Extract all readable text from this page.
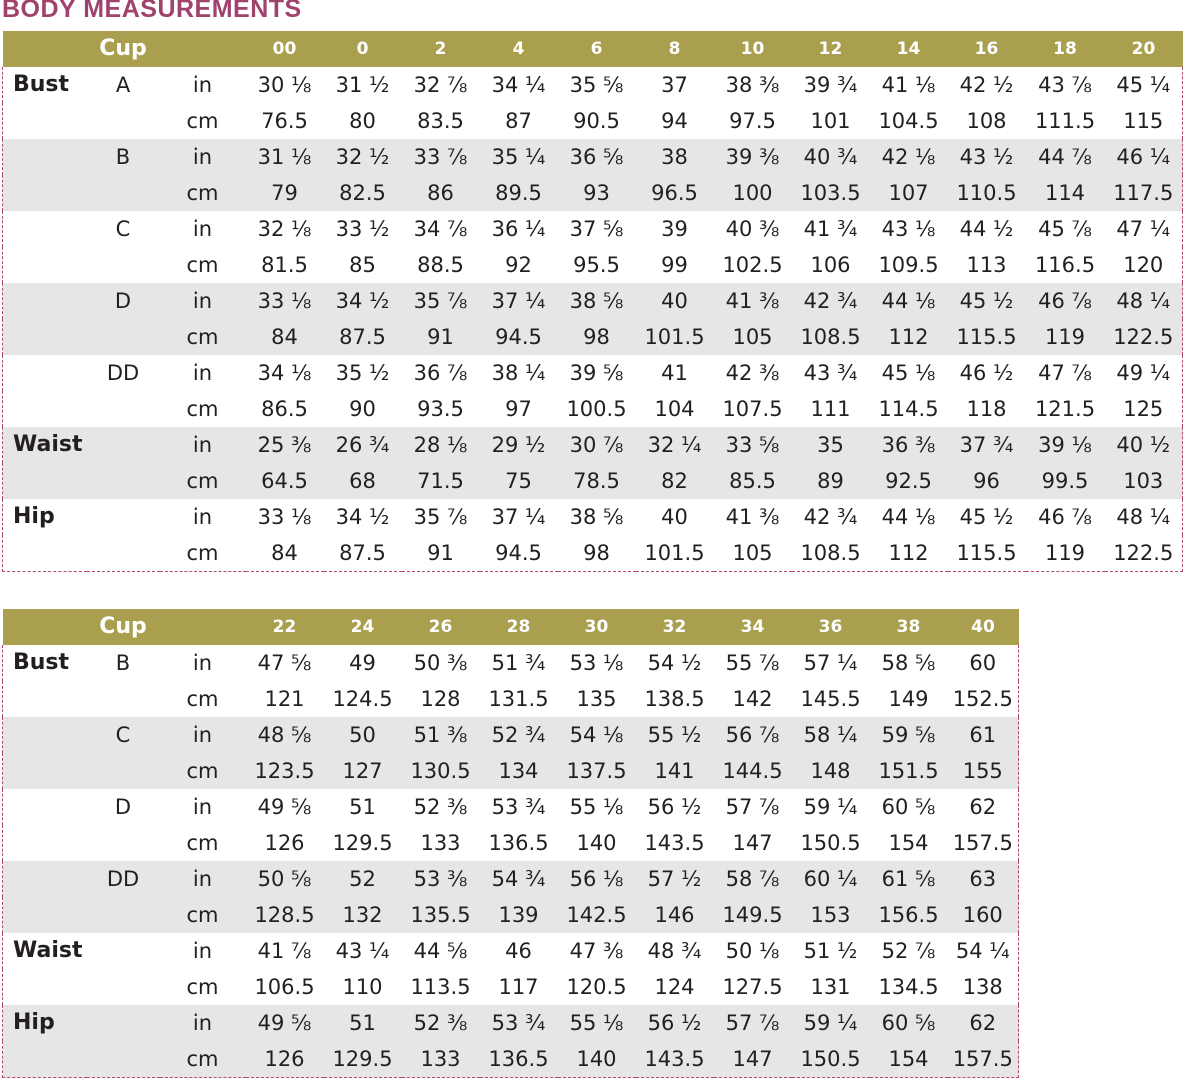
BODY MEASUREMENTS
	Cup		00	0	2	4	6	8	10	12	14	16	18	20
Bust	A	in	30 ⅛	31 ½	32 ⅞	34 ¼	35 ⅝	37	38 ⅜	39 ¾	41 ⅛	42 ½	43 ⅞	45 ¼
		cm	76.5	80	83.5	87	90.5	94	97.5	101	104.5	108	111.5	115
	B	in	31 ⅛	32 ½	33 ⅞	35 ¼	36 ⅝	38	39 ⅜	40 ¾	42 ⅛	43 ½	44 ⅞	46 ¼
		cm	79	82.5	86	89.5	93	96.5	100	103.5	107	110.5	114	117.5
	C	in	32 ⅛	33 ½	34 ⅞	36 ¼	37 ⅝	39	40 ⅜	41 ¾	43 ⅛	44 ½	45 ⅞	47 ¼
		cm	81.5	85	88.5	92	95.5	99	102.5	106	109.5	113	116.5	120
	D	in	33 ⅛	34 ½	35 ⅞	37 ¼	38 ⅝	40	41 ⅜	42 ¾	44 ⅛	45 ½	46 ⅞	48 ¼
		cm	84	87.5	91	94.5	98	101.5	105	108.5	112	115.5	119	122.5
	DD	in	34 ⅛	35 ½	36 ⅞	38 ¼	39 ⅝	41	42 ⅜	43 ¾	45 ⅛	46 ½	47 ⅞	49 ¼
		cm	86.5	90	93.5	97	100.5	104	107.5	111	114.5	118	121.5	125
Waist		in	25 ⅜	26 ¾	28 ⅛	29 ½	30 ⅞	32 ¼	33 ⅝	35	36 ⅜	37 ¾	39 ⅛	40 ½
		cm	64.5	68	71.5	75	78.5	82	85.5	89	92.5	96	99.5	103
Hip		in	33 ⅛	34 ½	35 ⅞	37 ¼	38 ⅝	40	41 ⅜	42 ¾	44 ⅛	45 ½	46 ⅞	48 ¼
		cm	84	87.5	91	94.5	98	101.5	105	108.5	112	115.5	119	122.5
	Cup		22	24	26	28	30	32	34	36	38	40
Bust	B	in	47 ⅝	49	50 ⅜	51 ¾	53 ⅛	54 ½	55 ⅞	57 ¼	58 ⅝	60
		cm	121	124.5	128	131.5	135	138.5	142	145.5	149	152.5
	C	in	48 ⅝	50	51 ⅜	52 ¾	54 ⅛	55 ½	56 ⅞	58 ¼	59 ⅝	61
		cm	123.5	127	130.5	134	137.5	141	144.5	148	151.5	155
	D	in	49 ⅝	51	52 ⅜	53 ¾	55 ⅛	56 ½	57 ⅞	59 ¼	60 ⅝	62
		cm	126	129.5	133	136.5	140	143.5	147	150.5	154	157.5
	DD	in	50 ⅝	52	53 ⅜	54 ¾	56 ⅛	57 ½	58 ⅞	60 ¼	61 ⅝	63
		cm	128.5	132	135.5	139	142.5	146	149.5	153	156.5	160
Waist		in	41 ⅞	43 ¼	44 ⅝	46	47 ⅜	48 ¾	50 ⅛	51 ½	52 ⅞	54 ¼
		cm	106.5	110	113.5	117	120.5	124	127.5	131	134.5	138
Hip		in	49 ⅝	51	52 ⅜	53 ¾	55 ⅛	56 ½	57 ⅞	59 ¼	60 ⅝	62
		cm	126	129.5	133	136.5	140	143.5	147	150.5	154	157.5
